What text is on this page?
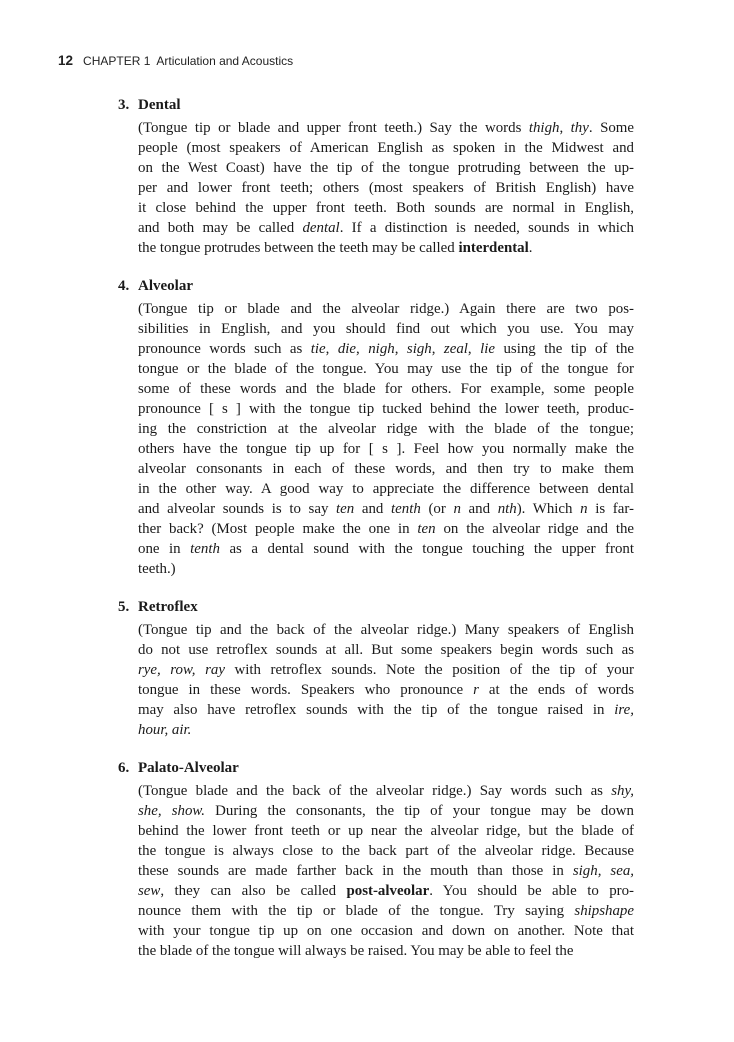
12 CHAPTER 1 Articulation and Acoustics
3. Dental
(Tongue tip or blade and upper front teeth.) Say the words thigh, thy. Some
people (most speakers of American English as spoken in the Midwest and
on the West Coast) have the tip of the tongue protruding between the up-
per and lower front teeth; others (most speakers of British English) have
it close behind the upper front teeth. Both sounds are normal in English,
and both may be called dental. If a distinction is needed, sounds in which
the tongue protrudes between the teeth may be called interdental.
4. Alveolar
(Tongue tip or blade and the alveolar ridge.) Again there are two pos-
sibilities in English, and you should find out which you use. You may
pronounce words such as tie, die, nigh, sigh, zeal, lie using the tip of the
tongue or the blade of the tongue. You may use the tip of the tongue for
some of these words and the blade for others. For example, some people
pronounce [ s ] with the tongue tip tucked behind the lower teeth, produc-
ing the constriction at the alveolar ridge with the blade of the tongue;
others have the tongue tip up for [ s ]. Feel how you normally make the
alveolar consonants in each of these words, and then try to make them
in the other way. A good way to appreciate the difference between dental
and alveolar sounds is to say ten and tenth (or n and nth). Which n is far-
ther back? (Most people make the one in ten on the alveolar ridge and the
one in tenth as a dental sound with the tongue touching the upper front
teeth.)
5. Retroflex
(Tongue tip and the back of the alveolar ridge.) Many speakers of English
do not use retroflex sounds at all. But some speakers begin words such as
rye, row, ray with retroflex sounds. Note the position of the tip of your
tongue in these words. Speakers who pronounce r at the ends of words
may also have retroflex sounds with the tip of the tongue raised in ire,
hour, air.
6. Palato-Alveolar
(Tongue blade and the back of the alveolar ridge.) Say words such as shy,
she, show. During the consonants, the tip of your tongue may be down
behind the lower front teeth or up near the alveolar ridge, but the blade of
the tongue is always close to the back part of the alveolar ridge. Because
these sounds are made farther back in the mouth than those in sigh, sea,
sew, they can also be called post-alveolar. You should be able to pro-
nounce them with the tip or blade of the tongue. Try saying shipshape
with your tongue tip up on one occasion and down on another. Note that
the blade of the tongue will always be raised. You may be able to feel the
